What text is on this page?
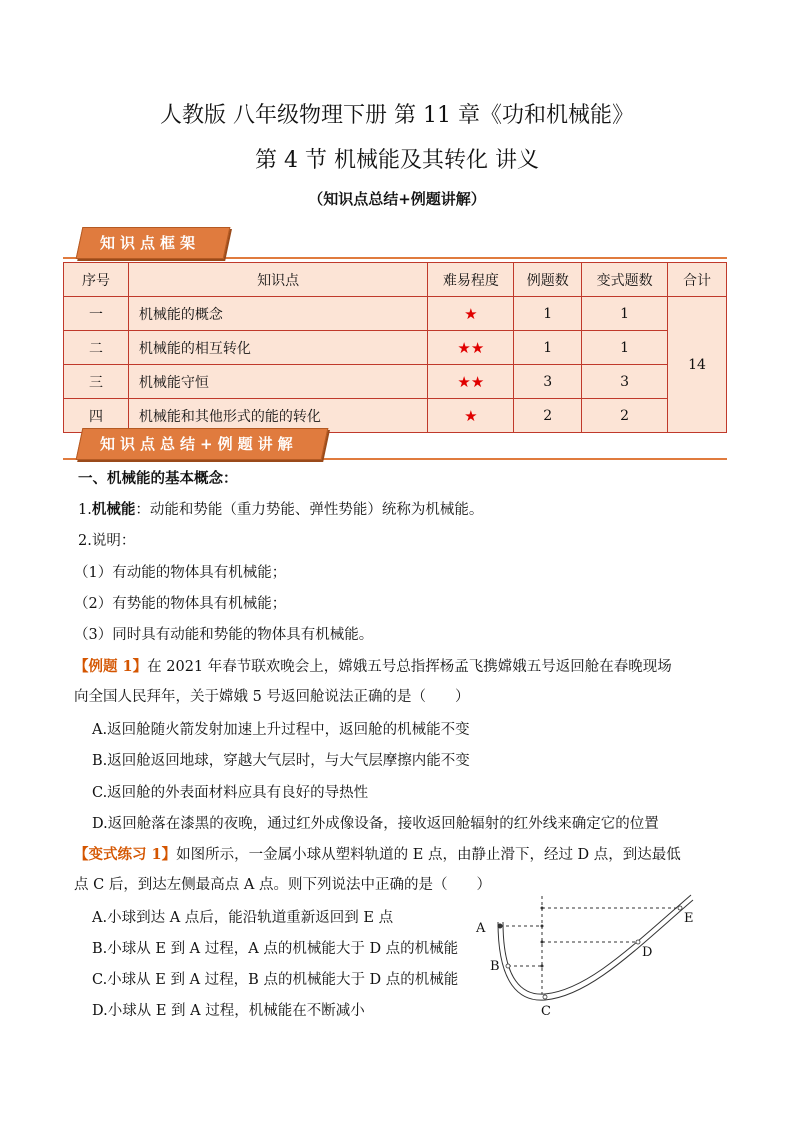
人教版 八年级物理下册 第 11 章《功和机械能》
第 4 节 机械能及其转化 讲义
（知识点总结+例题讲解）
知识点框架
序号	知识点	难易程度	例题数	变式题数	合计
一	机械能的概念	★	1	1	14
二	机械能的相互转化	★★	1	1	
三	机械能守恒	★★	3	3	
四	机械能和其他形式的能的转化	★	2	2	
知识点总结+例题讲解
一、机械能的基本概念：
1.机械能：动能和势能（重力势能、弹性势能）统称为机械能。
2.说明：
（1）有动能的物体具有机械能；
（2）有势能的物体具有机械能；
（3）同时具有动能和势能的物体具有机械能。
【例题 1】在 2021 年春节联欢晚会上，嫦娥五号总指挥杨孟飞携嫦娥五号返回舱在春晚现场
向全国人民拜年，关于嫦娥 5 号返回舱说法正确的是（　　）
A.返回舱随火箭发射加速上升过程中，返回舱的机械能不变
B.返回舱返回地球，穿越大气层时，与大气层摩擦内能不变
C.返回舱的外表面材料应具有良好的导热性
D.返回舱落在漆黑的夜晚，通过红外成像设备，接收返回舱辐射的红外线来确定它的位置
【变式练习 1】如图所示，一金属小球从塑料轨道的 E 点，由静止滑下，经过 D 点，到达最低
点 C 后，到达左侧最高点 A 点。则下列说法中正确的是（　　）
A.小球到达 A 点后，能沿轨道重新返回到 E 点
B.小球从 E 到 A 过程，A 点的机械能大于 D 点的机械能
C.小球从 E 到 A 过程，B 点的机械能大于 D 点的机械能
D.小球从 E 到 A 过程，机械能在不断减小
A
B
C
D
E
